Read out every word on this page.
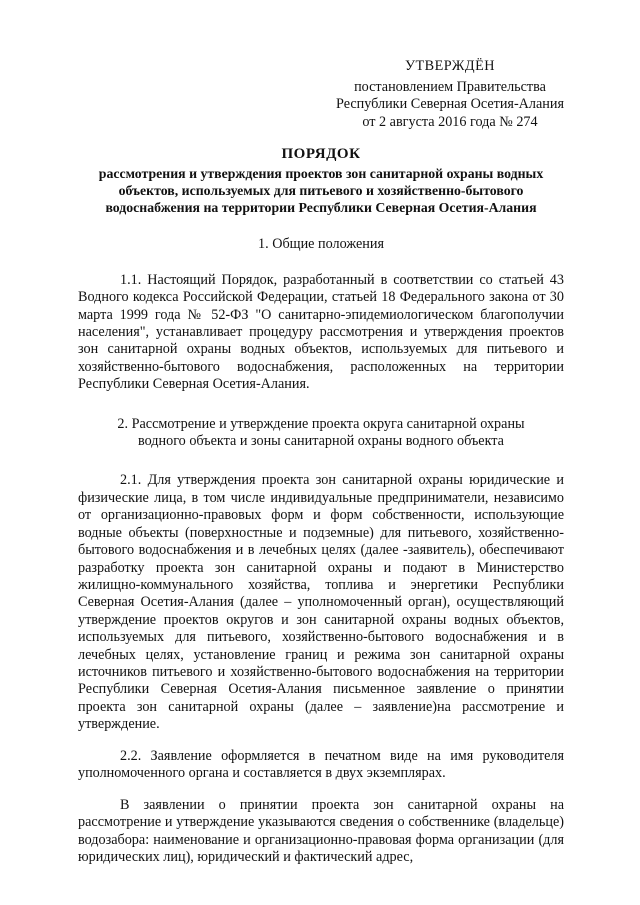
УТВЕРЖДЁН
постановлением Правительства
Республики Северная Осетия-Алания
от 2 августа 2016 года № 274
ПОРЯДОК
рассмотрения и утверждения проектов зон санитарной охраны водных
объектов, используемых для питьевого и хозяйственно-бытового
водоснабжения на территории Республики Северная Осетия-Алания
1. Общие положения

1.1. Настоящий Порядок, разработанный в соответствии со статьей 43 Водного кодекса Российской Федерации, статьей 18 Федерального закона от 30 марта 1999 года № 52-ФЗ "О санитарно-эпидемиологическом благополучии населения", устанавливает процедуру рассмотрения и утверждения проектов зон санитарной охраны водных объектов, используемых для питьевого и хозяйственно-бытового водоснабжения, расположенных на территории Республики Северная Осетия-Алания.

2. Рассмотрение и утверждение проекта округа санитарной охраны
водного объекта и зоны санитарной охраны водного объекта

2.1. Для утверждения проекта зон санитарной охраны юридические и физические лица, в том числе индивидуальные предприниматели, независимо от организационно-правовых форм и форм собственности, использующие водные объекты (поверхностные и подземные) для питьевого, хозяйственно-бытового водоснабжения и в лечебных целях (далее -заявитель), обеспечивают разработку проекта зон санитарной охраны и подают в Министерство жилищно-коммунального хозяйства, топлива и энергетики Республики Северная Осетия-Алания (далее – уполномоченный орган), осуществляющий утверждение проектов округов и зон санитарной охраны водных объектов, используемых для питьевого, хозяйственно-бытового водоснабжения и в лечебных целях, установление границ и режима зон санитарной охраны источников питьевого и хозяйственно-бытового водоснабжения на территории Республики Северная Осетия-Алания письменное заявление о принятии проекта зон санитарной охраны (далее – заявление)на рассмотрение и утверждение.

2.2. Заявление оформляется в печатном виде на имя руководителя уполномоченного органа и составляется в двух экземплярах.

В заявлении о принятии проекта зон санитарной охраны на рассмотрение и утверждение указываются сведения о собственнике (владельце) водозабора: наименование и организационно-правовая форма организации (для юридических лиц), юридический и фактический адрес,
